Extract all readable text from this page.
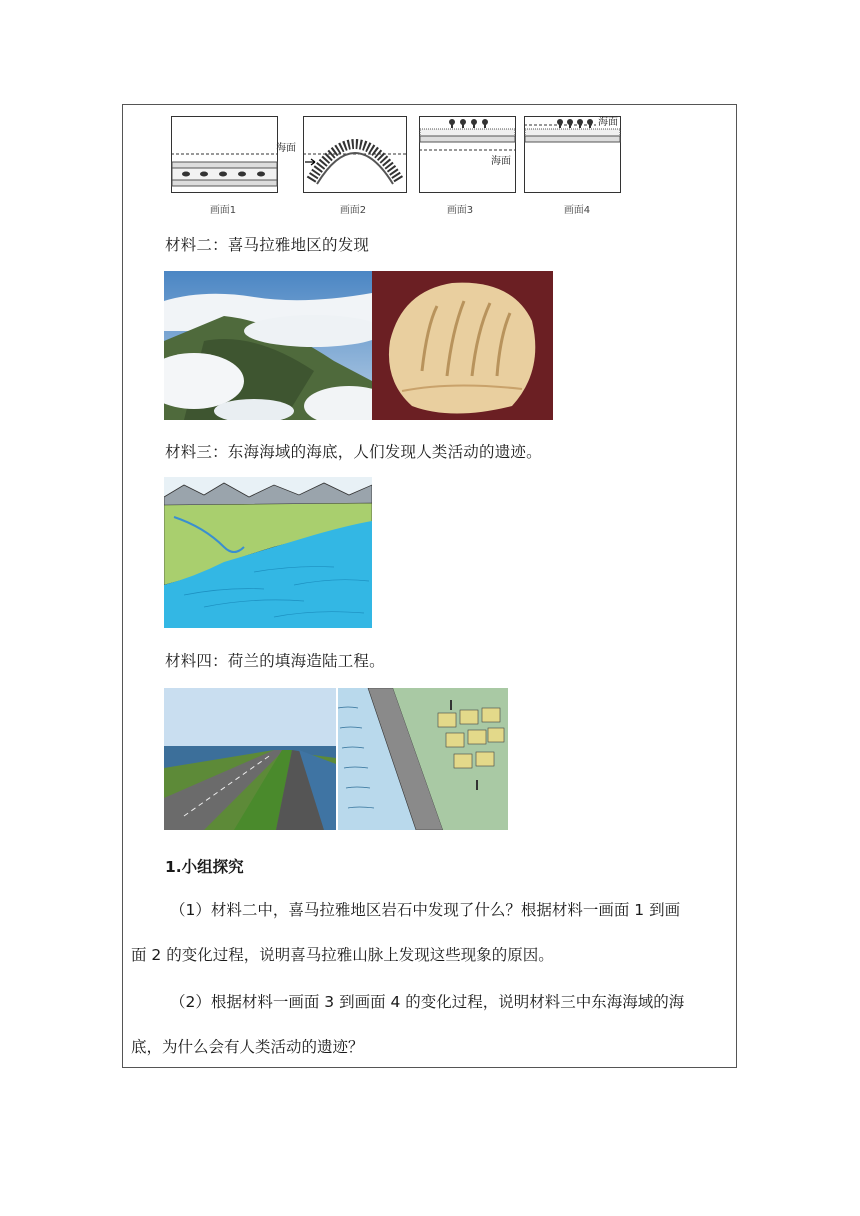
海面
海面
海面
画面1	画面2	画面3	画面4
材料二：喜马拉雅地区的发现
材料三：东海海域的海底，人们发现人类活动的遗迹。
材料四：荷兰的填海造陆工程。
1.小组探究
（1）材料二中，喜马拉雅地区岩石中发现了什么？根据材料一画面 1 到画
面 2 的变化过程，说明喜马拉雅山脉上发现这些现象的原因。
（2）根据材料一画面 3 到画面 4 的变化过程，说明材料三中东海海域的海
底，为什么会有人类活动的遗迹？
